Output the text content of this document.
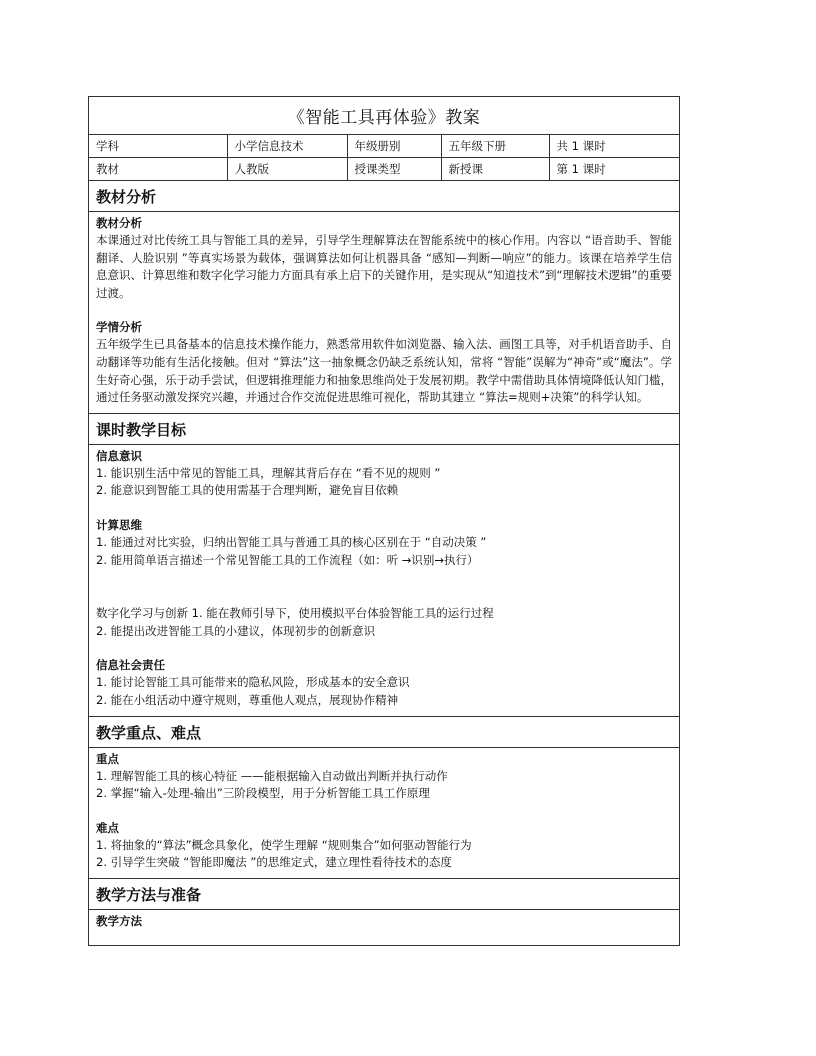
《智能工具再体验》教案
学科	小学信息技术	年级册别	五年级下册	共 1 课时
教材	人教版	授课类型	新授课	第 1 课时
教材分析
教材分析
本课通过对比传统工具与智能工具的差异，引导学生理解算法在智能系统中的核心作用。内容以 “语音助手、智能翻译、人脸识别 ”等真实场景为载体，强调算法如何让机器具备 “感知—判断—响应”的能力。该课在培养学生信息意识、计算思维和数字化学习能力方面具有承上启下的关键作用，是实现从“知道技术”到“理解技术逻辑”的重要过渡。
学情分析
五年级学生已具备基本的信息技术操作能力，熟悉常用软件如浏览器、输入法、画图工具等，对手机语音助手、自动翻译等功能有生活化接触。但对 “算法”这一抽象概念仍缺乏系统认知，常将 “智能”误解为“神奇”或“魔法”。学生好奇心强，乐于动手尝试，但逻辑推理能力和抽象思维尚处于发展初期。教学中需借助具体情境降低认知门槛，通过任务驱动激发探究兴趣，并通过合作交流促进思维可视化，帮助其建立 “算法=规则+决策”的科学认知。
课时教学目标
信息意识
1. 能识别生活中常见的智能工具，理解其背后存在 “看不见的规则 ”
2. 能意识到智能工具的使用需基于合理判断，避免盲目依赖
计算思维
1. 能通过对比实验，归纳出智能工具与普通工具的核心区别在于 “自动决策 ”
2. 能用简单语言描述一个常见智能工具的工作流程（如：听 →识别→执行）
数字化学习与创新 1. 能在教师引导下，使用模拟平台体验智能工具的运行过程
2. 能提出改进智能工具的小建议，体现初步的创新意识
信息社会责任
1. 能讨论智能工具可能带来的隐私风险，形成基本的安全意识
2. 能在小组活动中遵守规则，尊重他人观点，展现协作精神
教学重点、难点
重点
1. 理解智能工具的核心特征 ——能根据输入自动做出判断并执行动作
2. 掌握“输入-处理-输出”三阶段模型，用于分析智能工具工作原理
难点
1. 将抽象的“算法”概念具象化，使学生理解 “规则集合”如何驱动智能行为
2. 引导学生突破 “智能即魔法 ”的思维定式，建立理性看待技术的态度
教学方法与准备
教学方法
